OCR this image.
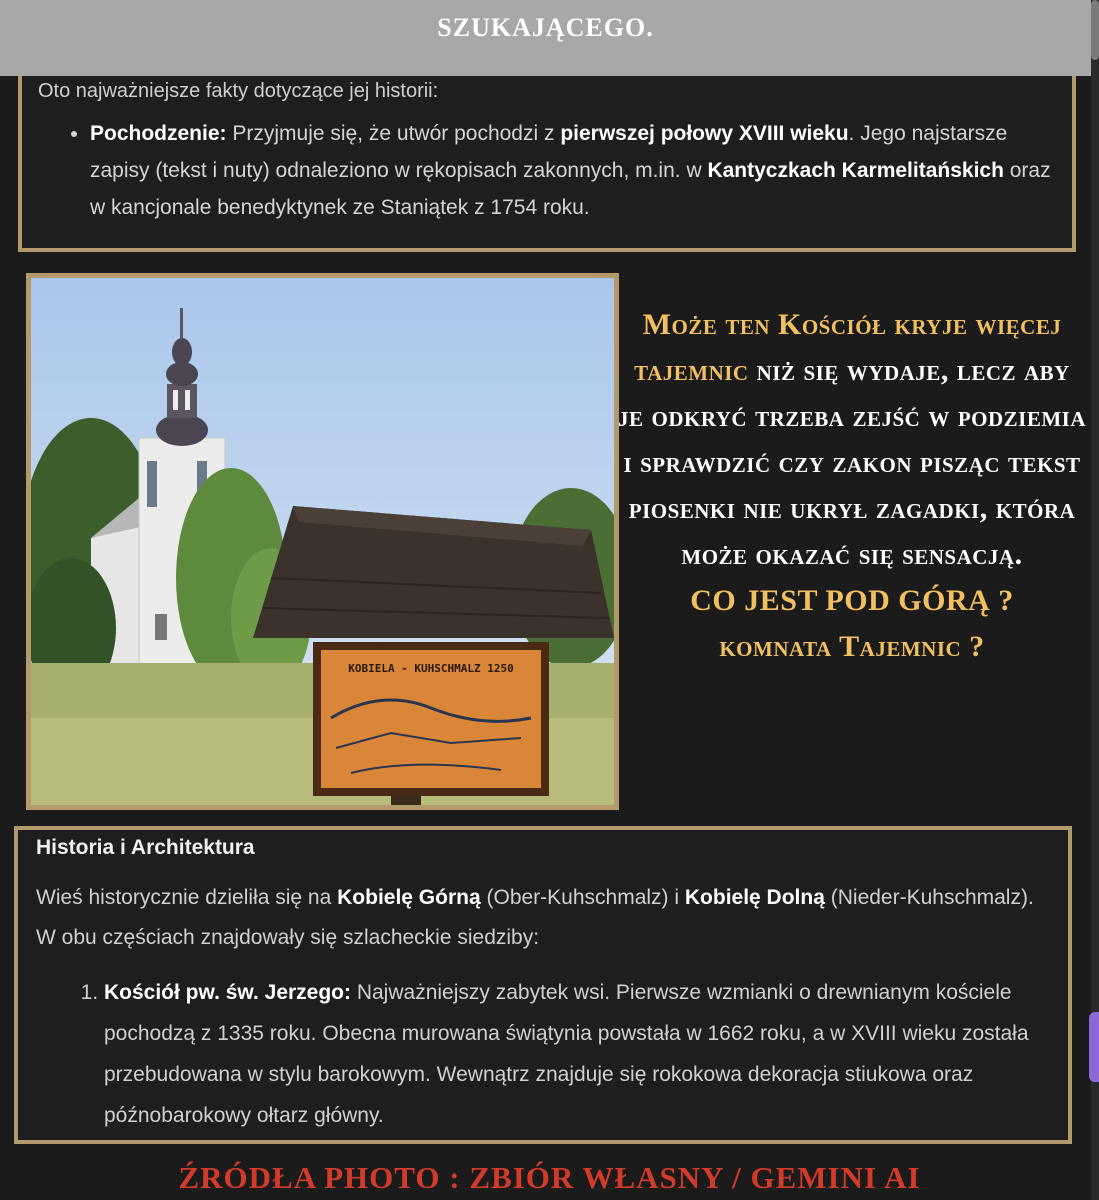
SZUKAJĄCEGO.

Oto najważniejsze fakty dotyczące jej historii:

• Pochodzenie: Przyjmuje się, że utwór pochodzi z pierwszej połowy XVIII wieku. Jego najstarsze zapisy (tekst i nuty) odnaleziono w rękopisach zakonnych, m.in. w Kantyczkach Karmelitańskich oraz w kancjonale benedyktynek ze Staniątek z 1754 roku.
KOBIELA - KUHSCHMALZ 1250
Może ten Kościół kryje więcej tajemnic niż się wydaje, lecz aby je odkryć trzeba zejść w podziemia i sprawdzić czy zakon pisząc tekst piosenki nie ukrył zagadki, która może okazać się sensacją.
CO JEST POD GÓRĄ ?
komnata Tajemnic ?
Historia i Architektura

Wieś historycznie dzieliła się na Kobielę Górną (Ober-Kuhschmalz) i Kobielę Dolną (Nieder-Kuhschmalz). W obu częściach znajdowały się szlacheckie siedziby:

1. Kościół pw. św. Jerzego: Najważniejszy zabytek wsi. Pierwsze wzmianki o drewnianym kościele pochodzą z 1335 roku. Obecna murowana świątynia powstała w 1662 roku, a w XVIII wieku została przebudowana w stylu barokowym. Wewnątrz znajduje się rokokowa dekoracja stiukowa oraz późnobarokowy ołtarz główny.
ŹRÓDŁA PHOTO : ZBIÓR WŁASNY / GEMINI AI
